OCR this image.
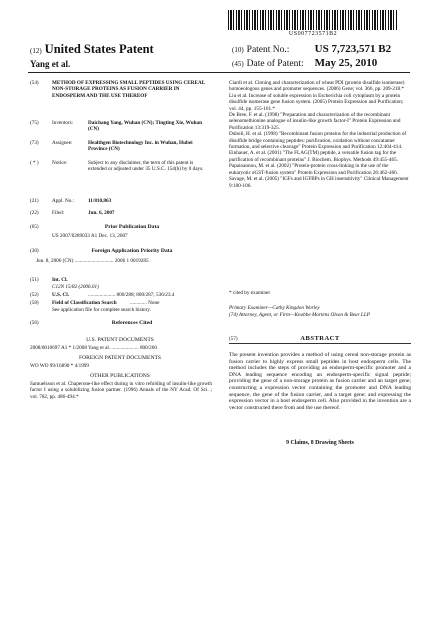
US007723571B2
(12) United States Patent
Yang et al.
(10) Patent No.: US 7,723,571 B2
(45) Date of Patent: May 25, 2010
(54)	METHOD OF EXPRESSING SMALL PEPTIDES USING CEREAL NON-STORAGE PROTEINS AS FUSION CARRIER IN ENDOSPERM AND THE USE THEREOF
(75)	Inventors:	Daichang Yang, Wuhan (CN); Tingting Xie, Wuhan (CN)
(73)	Assignee:	Healthgen Biotechnology Inc. in Wuhan, Hubei Province (CN)
( * )	Notice:	Subject to any disclaimer, the term of this patent is extended or adjusted under 35 U.S.C. 154(b) by 0 days.
(21)	Appl. No.:	11/810,863
(22)	Filed:	Jun. 6, 2007
(65)	Prior Publication Data
US 2007/0289033 A1 Dec. 13, 2007
(30)	Foreign Application Priority Data
Jun. 8, 2006 (CN) .............................. 2006 1 0019285
(51)	Int. Cl.
C12N 15/82 (2006.01)
(52)	U.S. Cl.	..................... 800/288; 800/287; 536/23.4
(58)	Field of Classification Search	............. None
See application file for complete search history.
(56)	References Cited
U.S. PATENT DOCUMENTS
2008/0010697 A1 * 1/2008 Yang et al. ..................... 800/260
FOREIGN PATENT DOCUMENTS
WO WO 99/16890 * 4/1999
OTHER PUBLICATIONS
Samuelsson et al. Chaperone-like effect during in vitro refolding of insulin-like growth factor I using a solubilizing fusion partner. (1996) Annals of the NY Acad. Of Sci. ; vol. 782, pp. 486-494.*
Ciardi et al. Cloning and characterization of wheat PDI (protein disulfide isomerase) homoeologous genes and promoter sequences. (2006) Gene; vol. 366, pp. 209-218.*
Liu et al. Increase of soluble expression in Escherichia coli cytoplasm by a protein disulfide isomerase gene fusion system. (2005) Protein Expression and Purification; vol. 44, pp. 155-161.*
De Bree, F. et al. (1998) "Preparation and characterization of the recombinant selenomethionine analogue of insulin-like growth factor-I" Protein Expression and Purification 13:319-325.
Duboli, H. et al. (1998) "Recombinant fusion proteins for the industrial production of disulfide bridge containing peptides: purification, oxidation without concatamer formation, and selective cleavage" Protein Expression and Purification 12:404-414.
Einhauer, A. et al. (2001) "The FLAG(TM) peptide, a versatile fusion tag for the purification of recombinant proteins" J. Biochem. Biophys. Methods 49:455-465.
Papaioannou, M. et al. (2002) "Protein-protein cross-linking in the use of the eukaryotic eGST-fusion system" Protein Expression and Purification 26:462-466.
Savage, M. et al. (2005) "IGFs and IGFBPs in GH insensitivity" Clinical Management 9:100-106.
* cited by examiner
Primary Examiner—Cathy Kingdon Worley
(74) Attorney, Agent, or Firm—Knobbe Martens Olson & Bear LLP
(57)	ABSTRACT
The present invention provides a method of using cereal non-storage protein as fusion carrier to highly express small peptides in host endosperm cells. The method includes the steps of providing an endosperm-specific promoter and a DNA leading sequence encoding an endosperm-specific signal peptide; providing the gene of a non-storage protein as fusion carrier and an target gene; constructing a expression vector containing the promoter and DNA leading sequence, the gene of the fusion carrier, and a target gene; and expressing the expression vector in a host endosperm cell. Also provided in the invention are a vector constructed there from and the use thereof.
9 Claims, 8 Drawing Sheets
